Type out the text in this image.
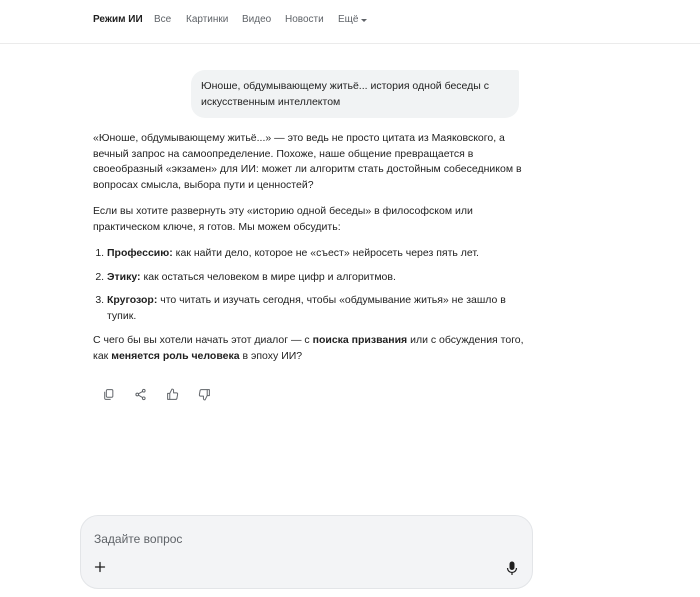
Режим ИИ Все Картинки Видео Новости Ещё
Юноше, обдумывающему житьё... история одной беседы с искусственным интеллектом

«Юноше, обдумывающему житьё...» — это ведь не просто цитата из Маяковского, а вечный запрос на самоопределение. Похоже, наше общение превращается в своеобразный «экзамен» для ИИ: может ли алгоритм стать достойным собеседником в вопросах смысла, выбора пути и ценностей?

Если вы хотите развернуть эту «историю одной беседы» в философском или практическом ключе, я готов. Мы можем обсудить:

1. Профессию: как найти дело, которое не «съест» нейросеть через пять лет.
2. Этику: как остаться человеком в мире цифр и алгоритмов.
3. Кругозор: что читать и изучать сегодня, чтобы «обдумывание житья» не зашло в тупик.

С чего бы вы хотели начать этот диалог — с поиска призвания или с обсуждения того, как меняется роль человека в эпоху ИИ?

Задайте вопрос
